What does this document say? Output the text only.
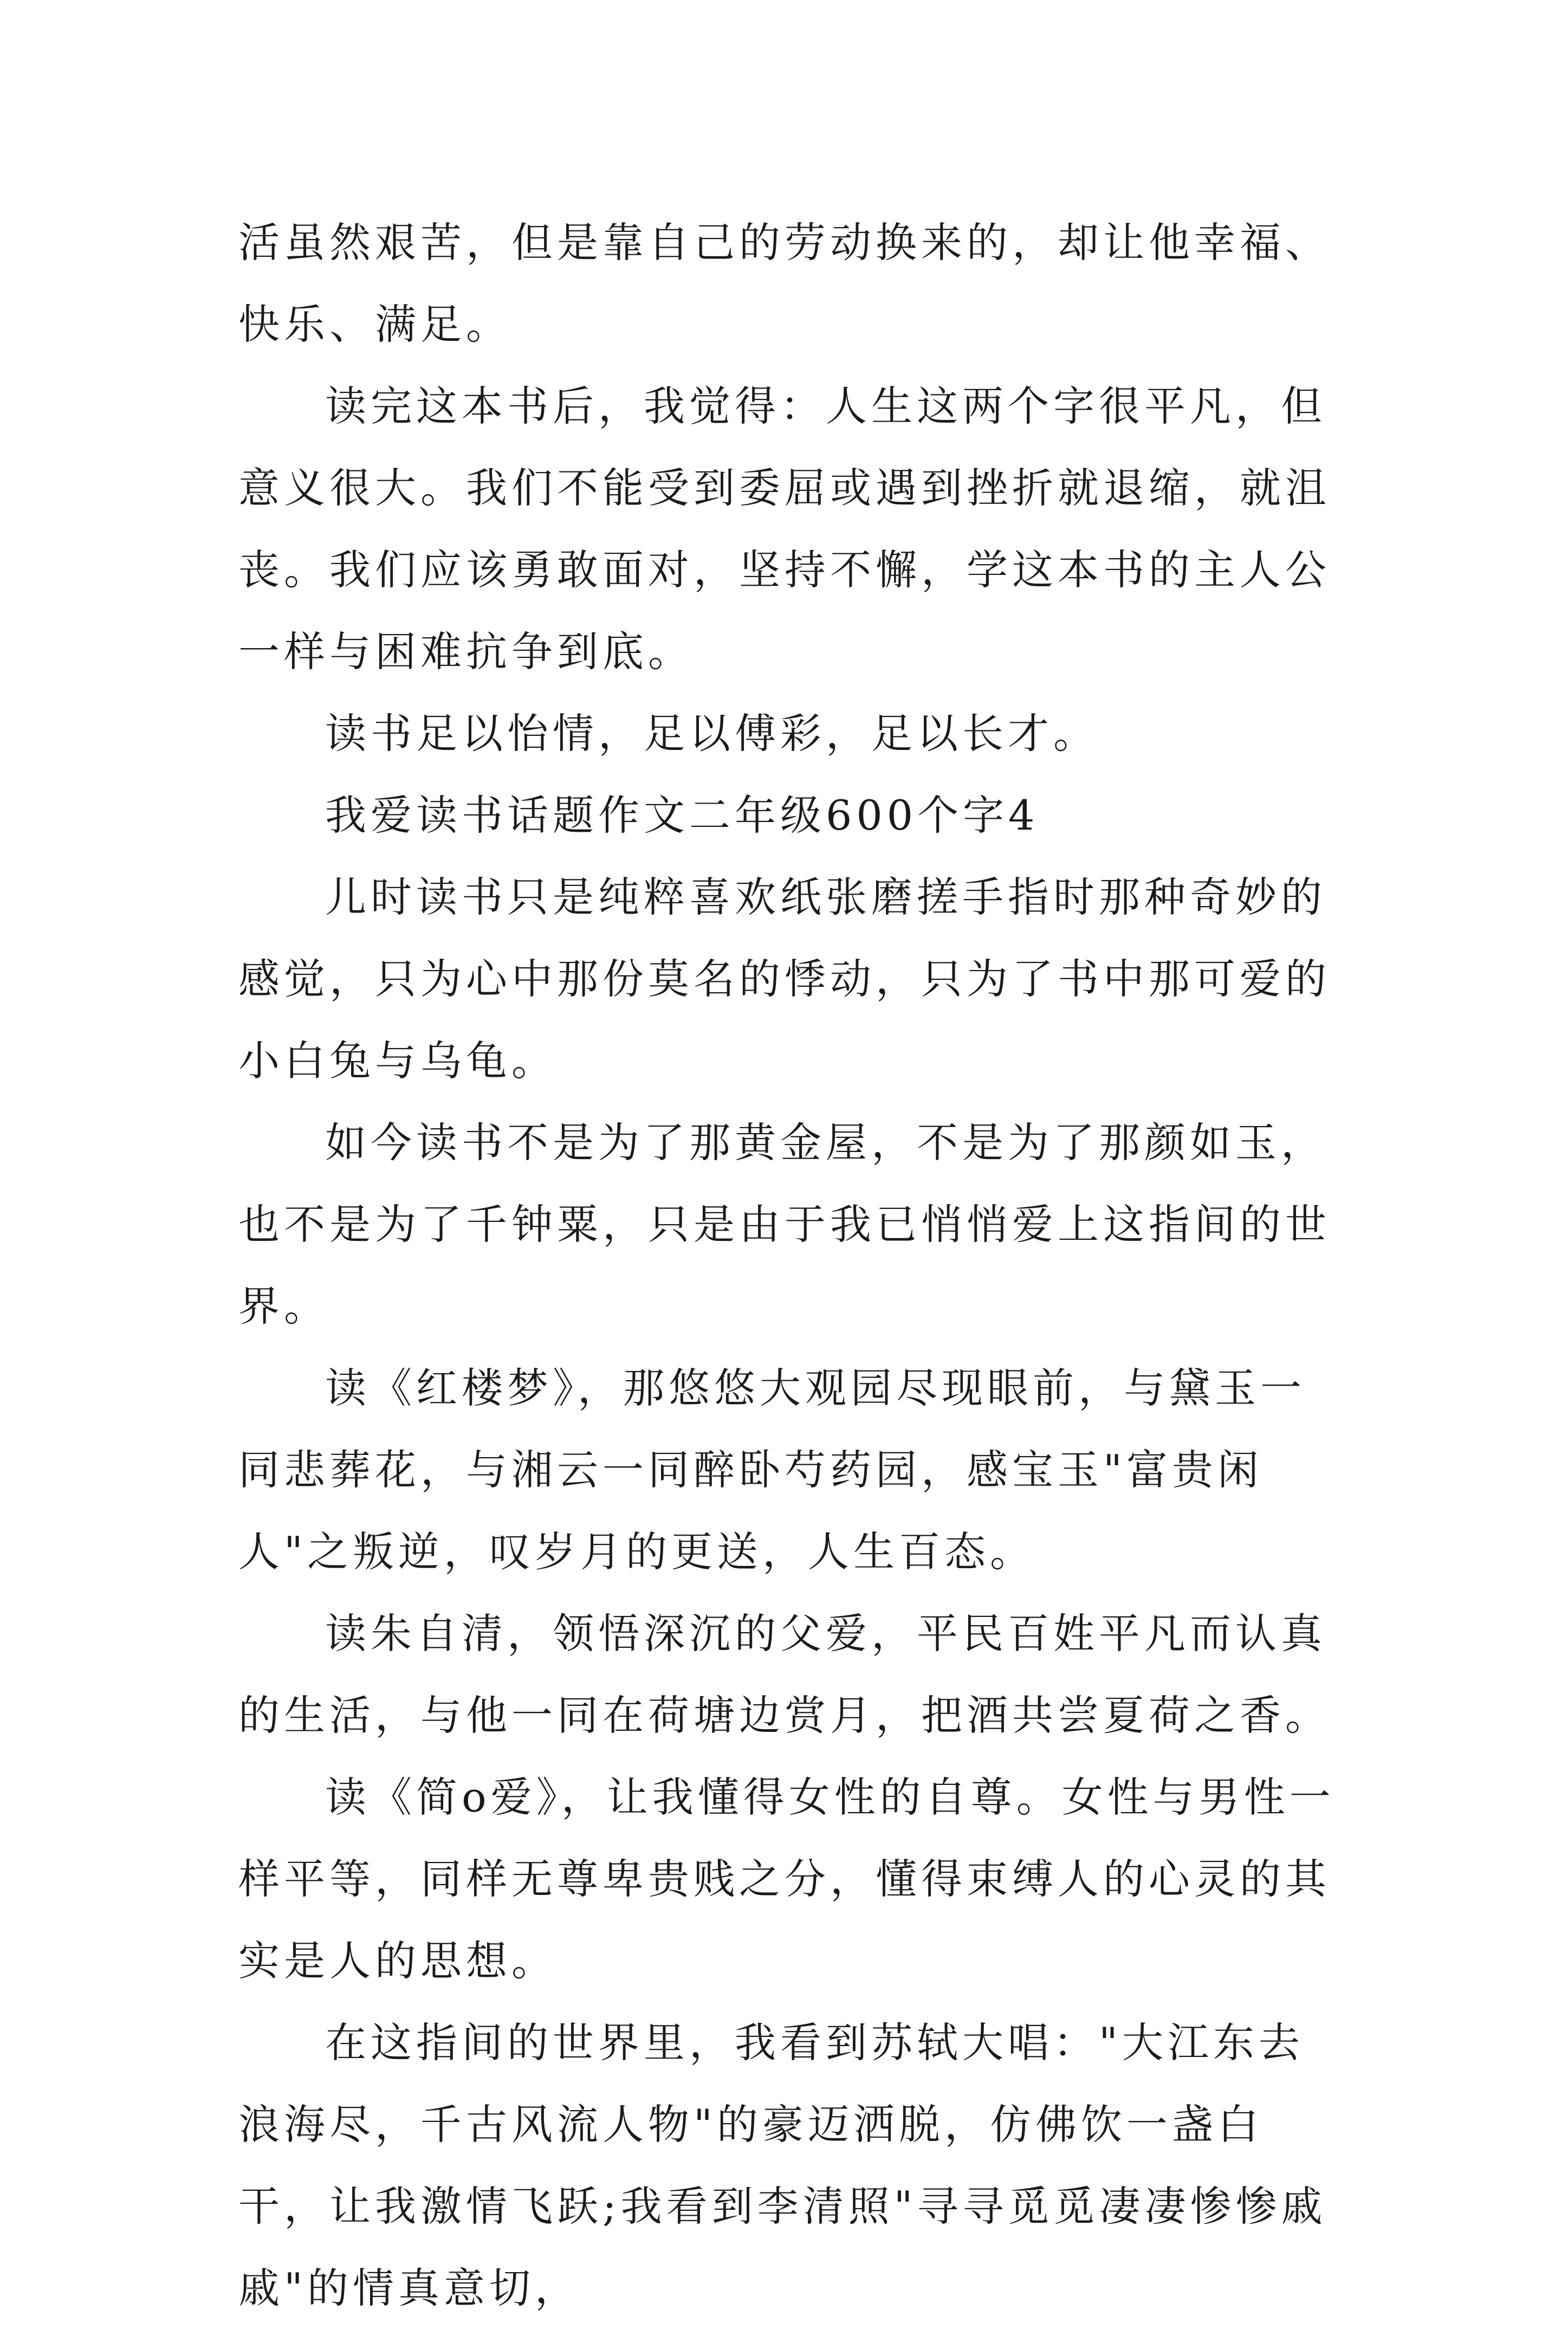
活虽然艰苦，但是靠自己的劳动换来的，却让他幸福、快乐、满足。

读完这本书后，我觉得：人生这两个字很平凡，但意义很大。我们不能受到委屈或遇到挫折就退缩，就沮丧。我们应该勇敢面对，坚持不懈，学这本书的主人公一样与困难抗争到底。

读书足以怡情，足以傅彩，足以长才。

我爱读书话题作文二年级600个字4

儿时读书只是纯粹喜欢纸张磨搓手指时那种奇妙的感觉，只为心中那份莫名的悸动，只为了书中那可爱的小白兔与乌龟。

如今读书不是为了那黄金屋，不是为了那颜如玉，也不是为了千钟粟，只是由于我已悄悄爱上这指间的世界。

读《红楼梦》，那悠悠大观园尽现眼前，与黛玉一同悲葬花，与湘云一同醉卧芍药园，感宝玉"富贵闲人"之叛逆，叹岁月的更送，人生百态。

读朱自清，领悟深沉的父爱，平民百姓平凡而认真的生活，与他一同在荷塘边赏月，把酒共尝夏荷之香。

读《简o爱》，让我懂得女性的自尊。女性与男性一样平等，同样无尊卑贵贱之分，懂得束缚人的心灵的其实是人的思想。

在这指间的世界里，我看到苏轼大唱："大江东去浪海尽，千古风流人物"的豪迈洒脱，仿佛饮一盏白干，让我激情飞跃;我看到李清照"寻寻觅觅凄凄惨惨戚戚"的情真意切，
